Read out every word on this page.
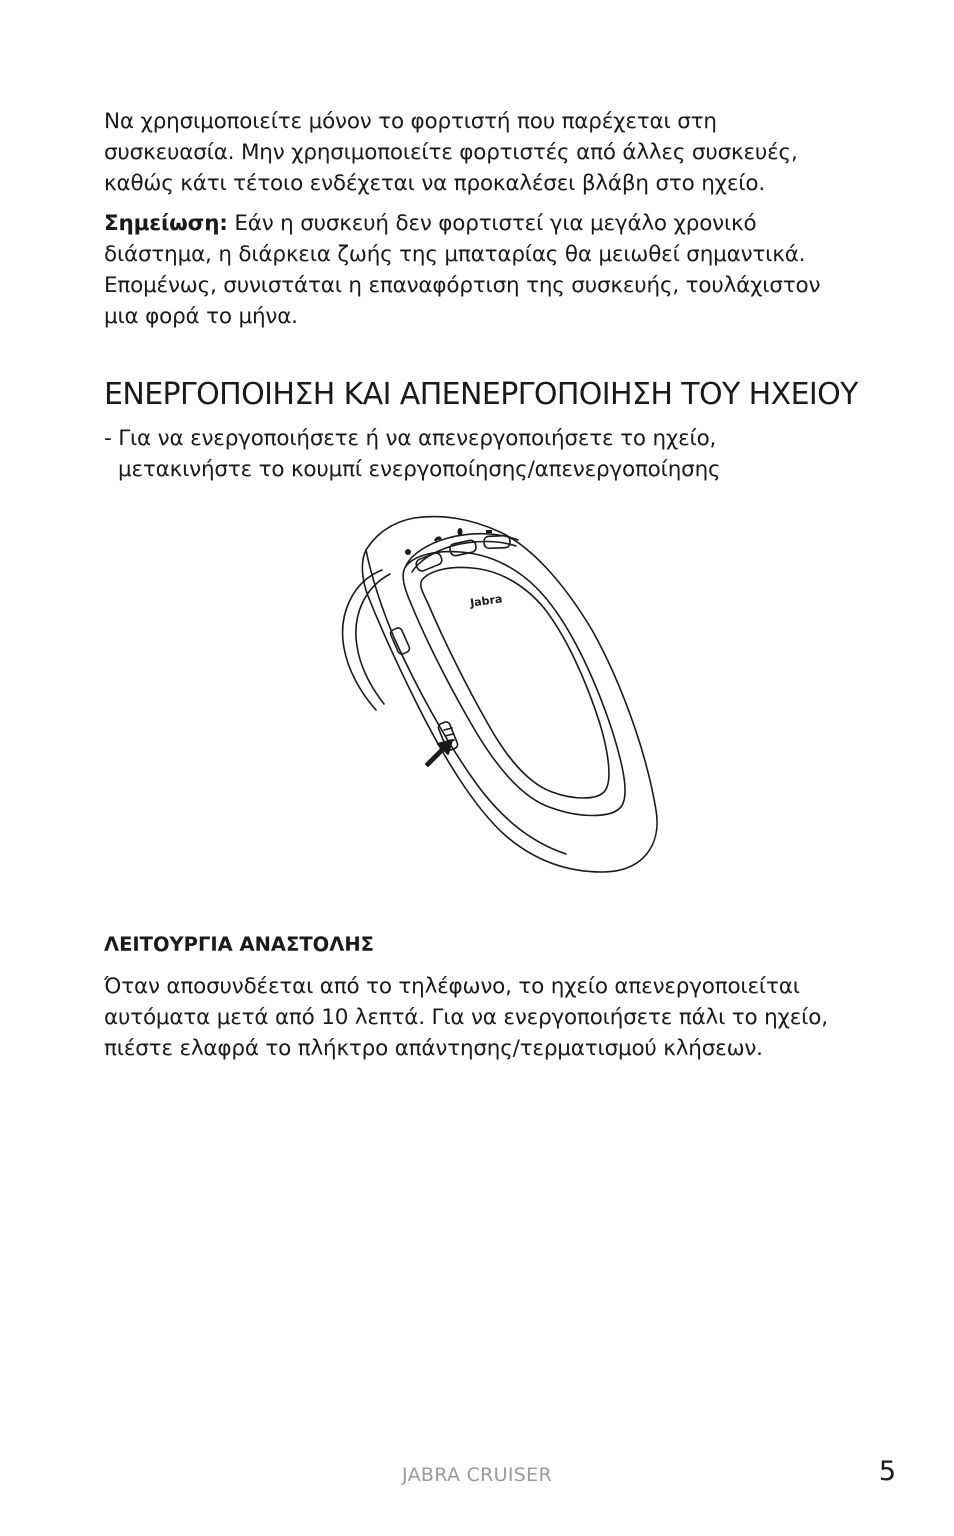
Να χρησιμοποιείτε μόνον το φορτιστή που παρέχεται στη
συσκευασία. Μην χρησιμοποιείτε φορτιστές από άλλες συσκευές,
καθώς κάτι τέτοιο ενδέχεται να προκαλέσει βλάβη στο ηχείο.
Σημείωση: Εάν η συσκευή δεν φορτιστεί για μεγάλο χρονικό
διάστημα, η διάρκεια ζωής της μπαταρίας θα μειωθεί σημαντικά.
Επομένως, συνιστάται η επαναφόρτιση της συσκευής, τουλάχιστον
μια φορά το μήνα.
ΕΝΕΡΓΟΠΟΙΗΣΗ ΚΑΙ ΑΠΕΝΕΡΓΟΠΟΙΗΣΗ ΤΟΥ ΗΧΕΙΟΥ
- Για να ενεργοποιήσετε ή να απενεργοποιήσετε το ηχείο,
μετακινήστε το κουμπί ενεργοποίησης/απενεργοποίησης
Jabra
ΛΕΙΤΟΥΡΓΙΑ ΑΝΑΣΤΟΛΗΣ
Όταν αποσυνδέεται από το τηλέφωνο, το ηχείο απενεργοποιείται
αυτόματα μετά από 10 λεπτά. Για να ενεργοποιήσετε πάλι το ηχείο,
πιέστε ελαφρά το πλήκτρο απάντησης/τερματισμού κλήσεων.
JABRA CRUISER	5
